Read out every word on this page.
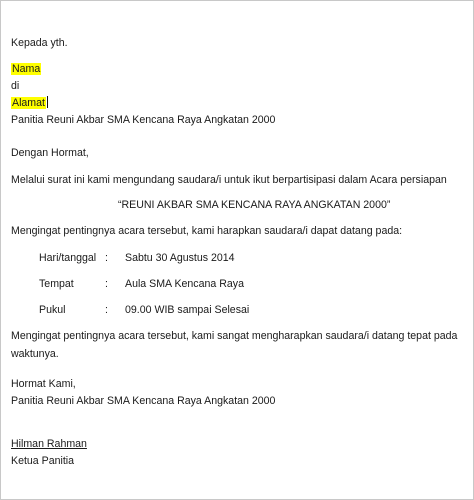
Kepada yth.
Nama
di
Alamat
Panitia Reuni Akbar SMA Kencana Raya Angkatan 2000
Dengan Hormat,
Melalui surat ini kami mengundang saudara/i untuk ikut berpartisipasi dalam Acara persiapan
“REUNI AKBAR SMA KENCANA RAYA ANGKATAN 2000”
Mengingat pentingnya acara tersebut, kami harapkan saudara/i dapat datang pada:
Hari/tanggal : Sabtu 30 Agustus 2014
Tempat	: Aula SMA Kencana Raya
Pukul	: 09.00 WIB sampai Selesai
Mengingat pentingnya acara tersebut, kami sangat mengharapkan saudara/i datang tepat pada
waktunya.
Hormat Kami,
Panitia Reuni Akbar SMA Kencana Raya Angkatan 2000
Hilman Rahman
Ketua Panitia
